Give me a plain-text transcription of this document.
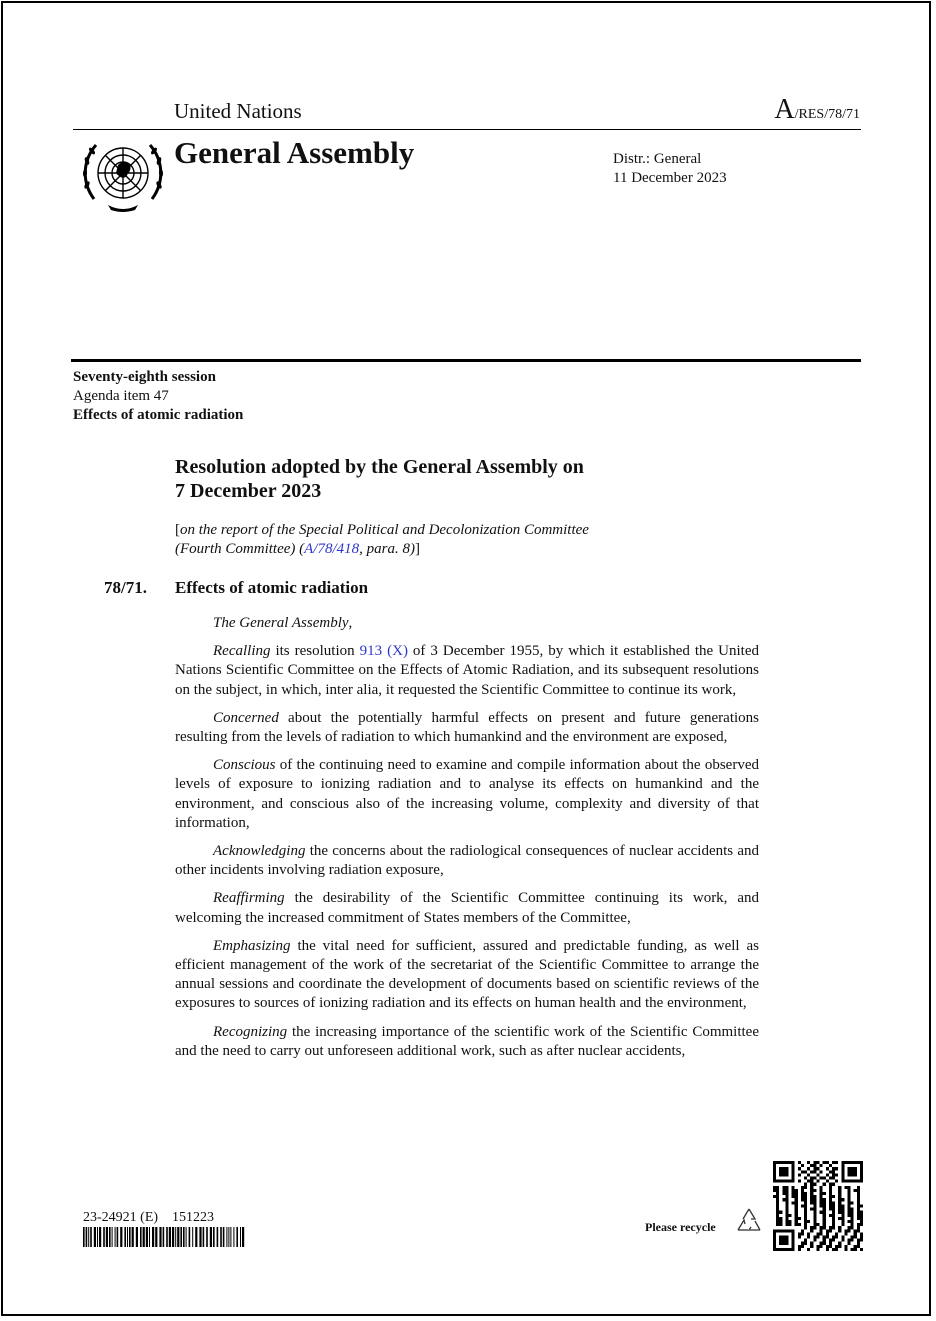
United Nations	A/RES/78/71
General Assembly	Distr.: General
11 December 2023
Seventy-eighth session
Agenda item 47
Effects of atomic radiation
Resolution adopted by the General Assembly on
7 December 2023
[on the report of the Special Political and Decolonization Committee
(Fourth Committee) (A/78/418, para. 8)]
78/71. Effects of atomic radiation

The General Assembly,

Recalling its resolution 913 (X) of 3 December 1955, by which it established the United Nations Scientific Committee on the Effects of Atomic Radiation, and its subsequent resolutions on the subject, in which, inter alia, it requested the Scientific Committee to continue its work,

Concerned about the potentially harmful effects on present and future generations resulting from the levels of radiation to which humankind and the environment are exposed,

Conscious of the continuing need to examine and compile information about the observed levels of exposure to ionizing radiation and to analyse its effects on humankind and the environment, and conscious also of the increasing volume, complexity and diversity of that information,

Acknowledging the concerns about the radiological consequences of nuclear accidents and other incidents involving radiation exposure,

Reaffirming the desirability of the Scientific Committee continuing its work, and welcoming the increased commitment of States members of the Committee,

Emphasizing the vital need for sufficient, assured and predictable funding, as well as efficient management of the work of the secretariat of the Scientific Committee to arrange the annual sessions and coordinate the development of documents based on scientific reviews of the exposures to sources of ionizing radiation and its effects on human health and the environment,

Recognizing the increasing importance of the scientific work of the Scientific Committee and the need to carry out unforeseen additional work, such as after nuclear accidents,

23-24921 (E)    151223
Please recycle
